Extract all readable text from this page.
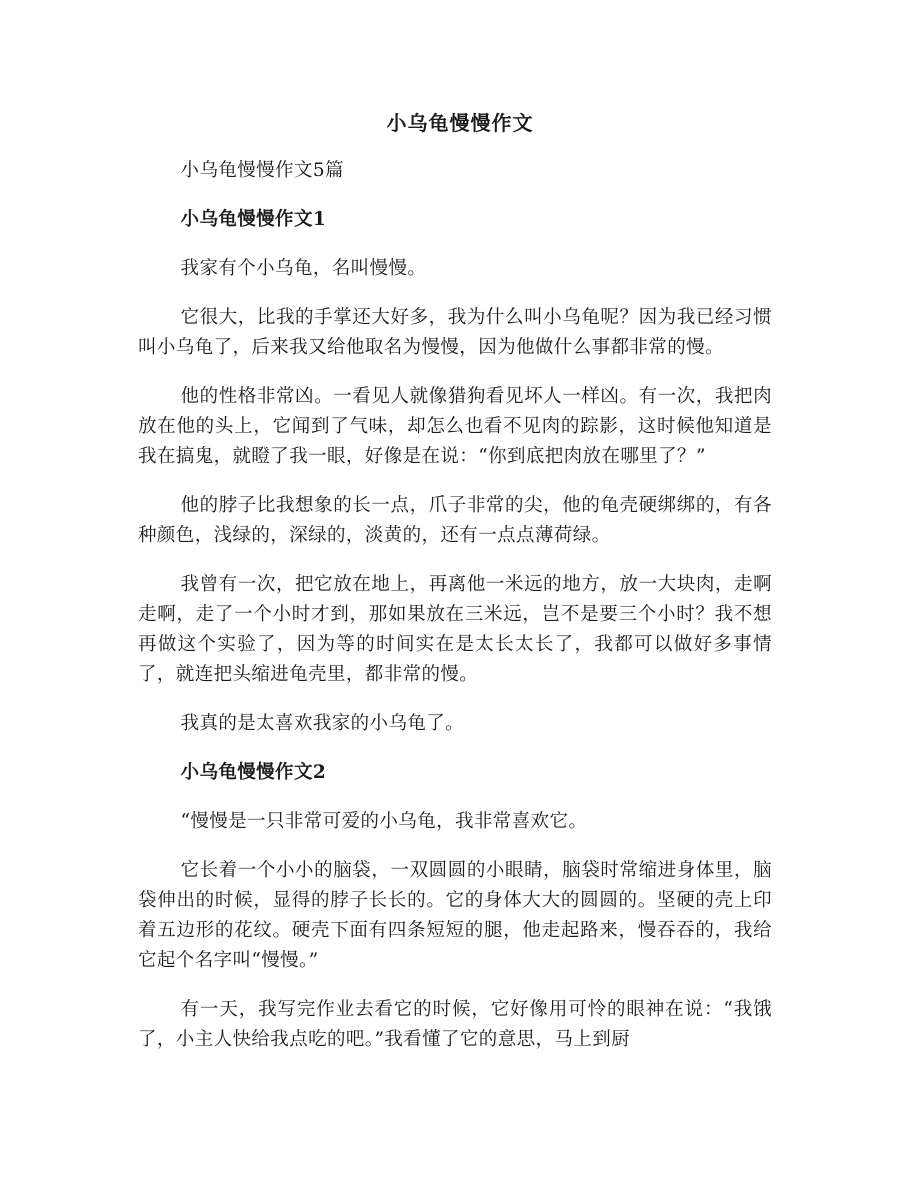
小乌龟慢慢作文

小乌龟慢慢作文5篇

小乌龟慢慢作文1

我家有个小乌龟，名叫慢慢。

它很大，比我的手掌还大好多，我为什么叫小乌龟呢？因为我已经习惯叫小乌龟了，后来我又给他取名为慢慢，因为他做什么事都非常的慢。

他的性格非常凶。一看见人就像猎狗看见坏人一样凶。有一次，我把肉放在他的头上，它闻到了气味，却怎么也看不见肉的踪影，这时候他知道是我在搞鬼，就瞪了我一眼，好像是在说：“你到底把肉放在哪里了？”

他的脖子比我想象的长一点，爪子非常的尖，他的龟壳硬绑绑的，有各种颜色，浅绿的，深绿的，淡黄的，还有一点点薄荷绿。

我曾有一次，把它放在地上，再离他一米远的地方，放一大块肉，走啊走啊，走了一个小时才到，那如果放在三米远，岂不是要三个小时？我不想再做这个实验了，因为等的时间实在是太长太长了，我都可以做好多事情了，就连把头缩进龟壳里，都非常的慢。

我真的是太喜欢我家的小乌龟了。

小乌龟慢慢作文2

“慢慢是一只非常可爱的小乌龟，我非常喜欢它。

它长着一个小小的脑袋，一双圆圆的小眼睛，脑袋时常缩进身体里，脑袋伸出的时候，显得的脖子长长的。它的身体大大的圆圆的。坚硬的壳上印着五边形的花纹。硬壳下面有四条短短的腿，他走起路来，慢吞吞的，我给它起个名字叫“慢慢。”

有一天，我写完作业去看它的时候，它好像用可怜的眼神在说：“我饿了，小主人快给我点吃的吧。”我看懂了它的意思，马上到厨
